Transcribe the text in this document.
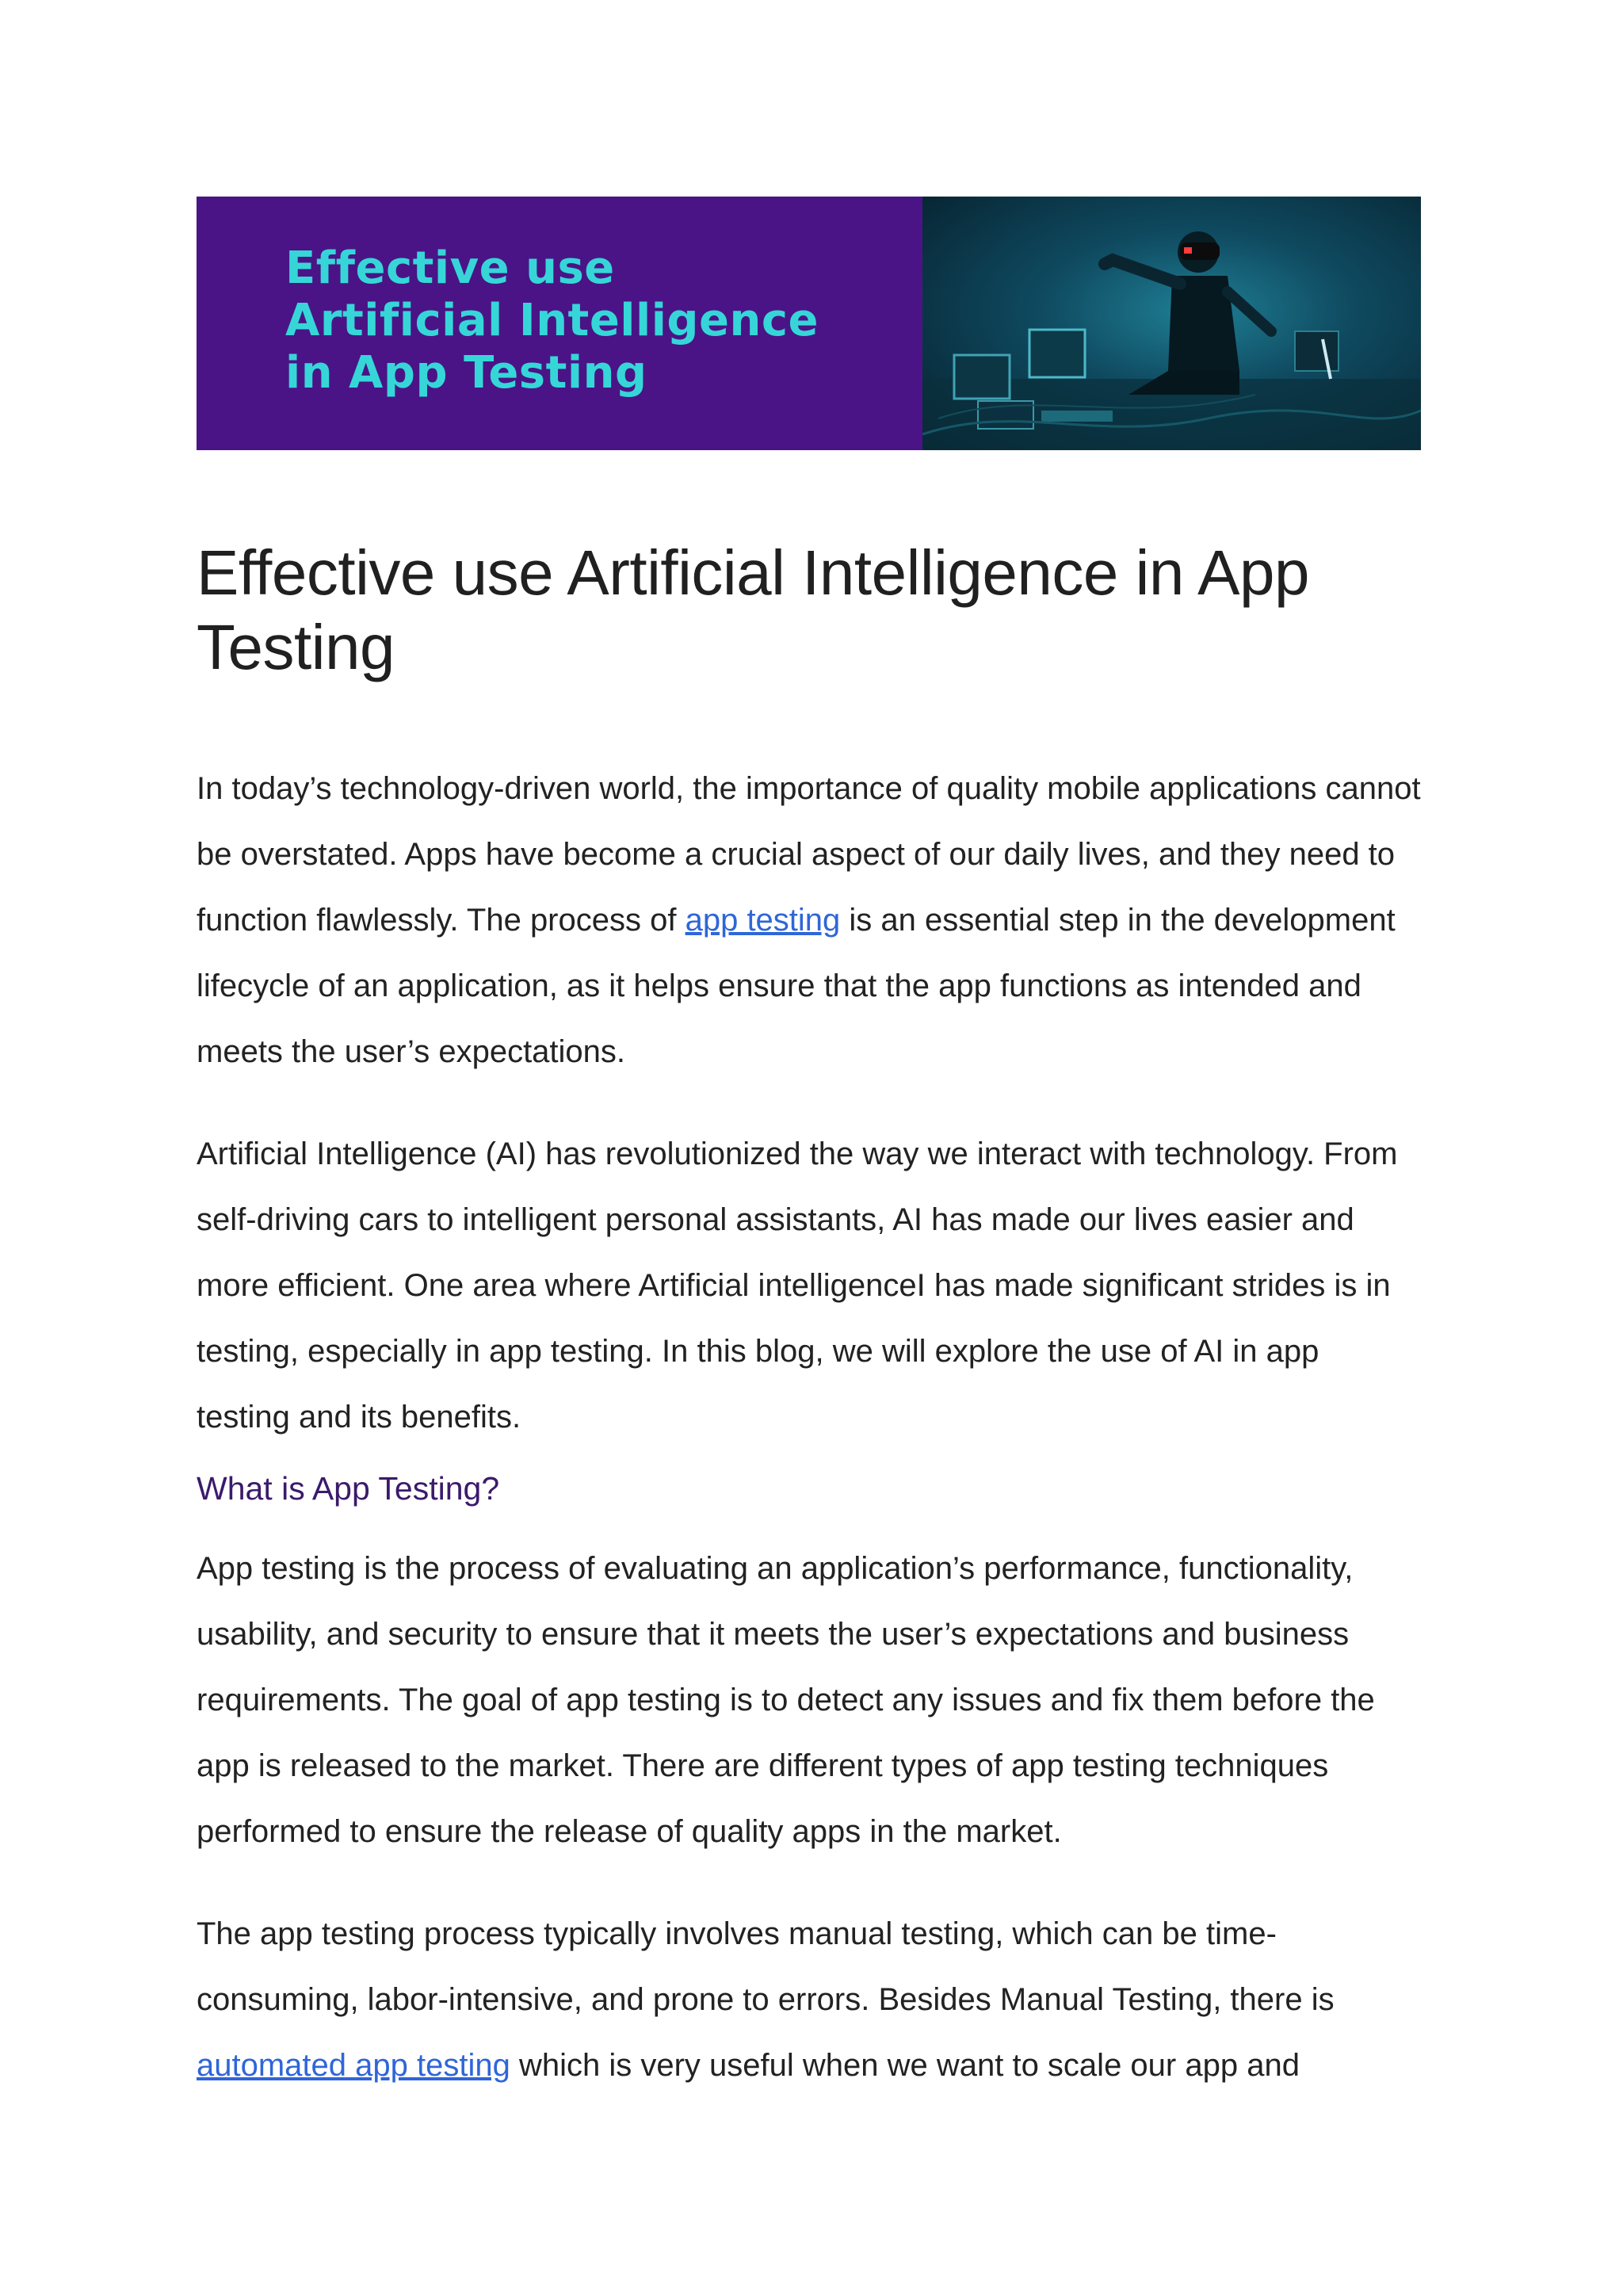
Effective use
Artificial Intelligence
in App Testing
Effective use Artificial Intelligence in App Testing

In today’s technology-driven world, the importance of quality mobile applications cannot be overstated. Apps have become a crucial aspect of our daily lives, and they need to function flawlessly. The process of app testing is an essential step in the development lifecycle of an application, as it helps ensure that the app functions as intended and meets the user’s expectations.

Artificial Intelligence (AI) has revolutionized the way we interact with technology. From self-driving cars to intelligent personal assistants, AI has made our lives easier and more efficient. One area where Artificial intelligenceI has made significant strides is in testing, especially in app testing. In this blog, we will explore the use of AI in app testing and its benefits.

What is App Testing?

App testing is the process of evaluating an application’s performance, functionality, usability, and security to ensure that it meets the user’s expectations and business requirements. The goal of app testing is to detect any issues and fix them before the app is released to the market. There are different types of app testing techniques performed to ensure the release of quality apps in the market.

The app testing process typically involves manual testing, which can be time-consuming, labor-intensive, and prone to errors. Besides Manual Testing, there is automated app testing which is very useful when we want to scale our app and
